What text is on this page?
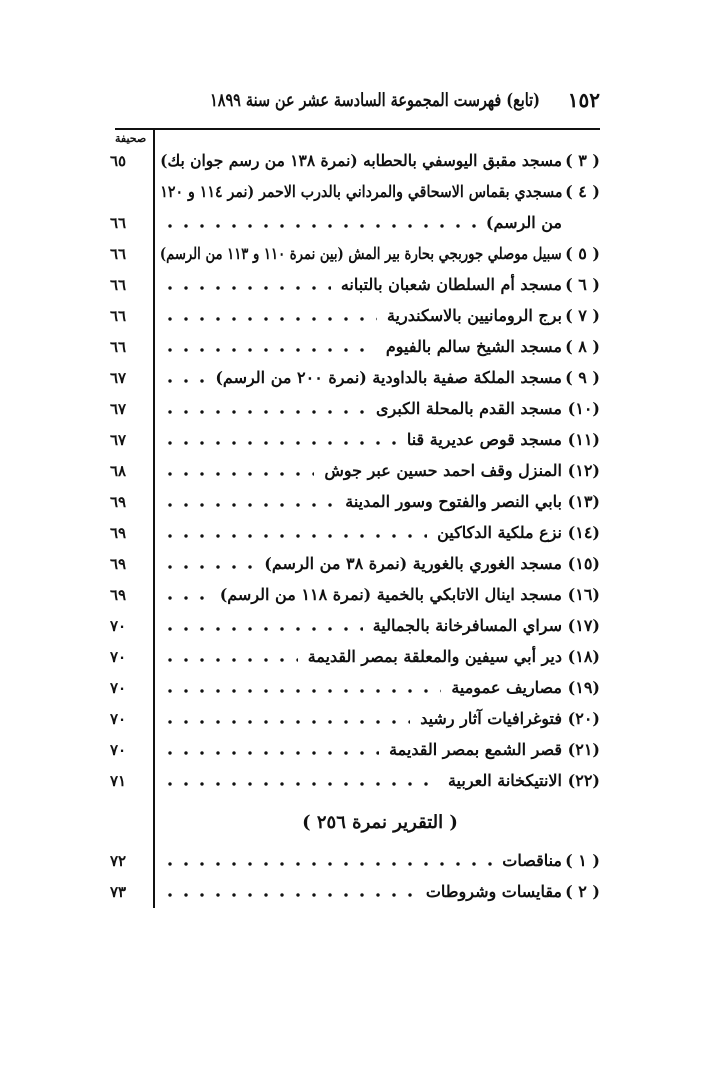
١٥٢
(تابع) فهرست المجموعة السادسة عشر عن سنة ١٨٩٩
صحيفة
( ٣ )
مسجد مقبق اليوسفي بالحطابه (نمرة ١٣٨ من رسم جوان بك)
٦٥
( ٤ )
مسجدي بقماس الاسحاقي والمرداني بالدرب الاحمر (نمر ١١٤ و ١٢٠
من الرسم)
٦٦
( ٥ )
سبيل موصلي جوربجي بحارة بير المش (بين نمرة ١١٠ و ١١٣ من الرسم)
٦٦
( ٦ )
مسجد أم السلطان شعبان بالتبانه
٦٦
( ٧ )
برج الرومانيين بالاسكندرية
٦٦
( ٨ )
مسجد الشيخ سالم بالفيوم
٦٦
( ٩ )
مسجد الملكة صفية بالداودية (نمرة ٢٠٠ من الرسم)
٦٧
(١٠)
مسجد القدم بالمحلة الكبرى
٦٧
(١١)
مسجد قوص عديرية قنا
٦٧
(١٢)
المنزل وقف احمد حسين عبر جوش
٦٨
(١٣)
بابي النصر والفتوح وسور المدينة
٦٩
(١٤)
نزع ملكية الدكاكين
٦٩
(١٥)
مسجد الغوري بالغورية (نمرة ٣٨ من الرسم)
٦٩
(١٦)
مسجد اينال الاتابكي بالخمية (نمرة ١١٨ من الرسم)
٦٩
(١٧)
سراي المسافرخانة بالجمالية
٧٠
(١٨)
دير أبي سيفين والمعلقة بمصر القديمة
٧٠
(١٩)
مصاريف عمومية
٧٠
(٢٠)
فتوغرافيات آثار رشيد
٧٠
(٢١)
قصر الشمع بمصر القديمة
٧٠
(٢٢)
الانتيكخانة العربية
٧١
( التقرير نمرة ٢٥٦ )
( ١ )
مناقصات
٧٢
( ٢ )
مقايسات وشروطات
٧٣
